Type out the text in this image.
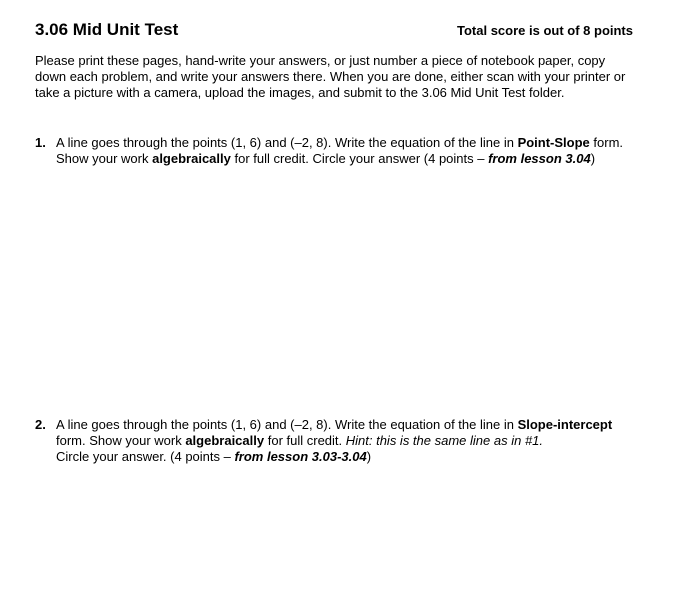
3.06 Mid Unit Test	Total score is out of 8 points
Please print these pages, hand-write your answers, or just number a piece of notebook paper, copy
down each problem, and write your answers there. When you are done, either scan with your printer or
take a picture with a camera, upload the images, and submit to the 3.06 Mid Unit Test folder.
1. A line goes through the points (1, 6) and (–2, 8). Write the equation of the line in Point-Slope form.
Show your work algebraically for full credit. Circle your answer (4 points – from lesson 3.04)
2. A line goes through the points (1, 6) and (–2, 8). Write the equation of the line in Slope-intercept
form. Show your work algebraically for full credit. Hint: this is the same line as in #1.
Circle your answer. (4 points – from lesson 3.03-3.04)
